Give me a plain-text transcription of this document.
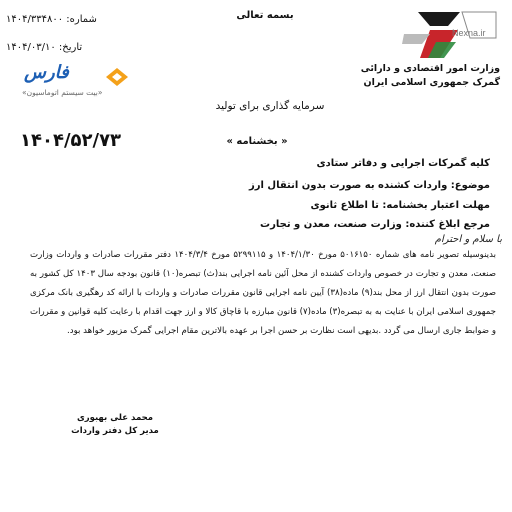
شماره: ۱۴۰۴/۳۳۴۸۰۰
تاریخ: ۱۴۰۴/۰۳/۱۰
بسمه تعالی
Nexna.ir
وزارت امور اقتصادی و دارائی
گمرک جمهوری اسلامی ایران
فارس
«بیت سیستم اتوماسیون»
سرمایه گذاری برای تولید
۱۴۰۴/۵۲/۷۳	« بخشنامه »
کلیه گمرکات اجرایی و دفاتر ستادی
موضوع: واردات کشنده به صورت بدون انتقال ارز
مهلت اعتبار بخشنامه: تا اطلاع ثانوی
مرجع ابلاغ کننده: وزارت صنعت، معدن و تجارت
با سلام و احترام
بدینوسیله تصویر نامه های شماره ۵۰۱۶۱۵۰ مورخ ۱۴۰۴/۱/۳۰ و ۵۲۹۹۱۱۵ مورخ ۱۴۰۴/۳/۴ دفتر مقررات صادرات و واردات وزارت صنعت، معدن و تجارت در خصوص واردات کشنده از محل آئین نامه اجرایی بند(ث) تبصره(۱۰) قانون بودجه سال ۱۴۰۳ کل کشور به صورت بدون انتقال ارز از محل بند(۹) ماده(۳۸) آیین نامه اجرایی قانون مقررات صادرات و واردات با ارائه کد رهگیری بانک مرکزی جمهوری اسلامی ایران با عنایت به به تبصره(۳) ماده(۷) قانون مبارزه با قاچاق کالا و ارز جهت اقدام با رعایت کلیه قوانین و مقررات و ضوابط جاری ارسال می گردد .بدیهی است نظارت بر حسن اجرا بر عهده بالاترین مقام اجرایی گمرک مزبور خواهد بود.
محمد علی بهبوری
مدیر کل دفتر واردات
